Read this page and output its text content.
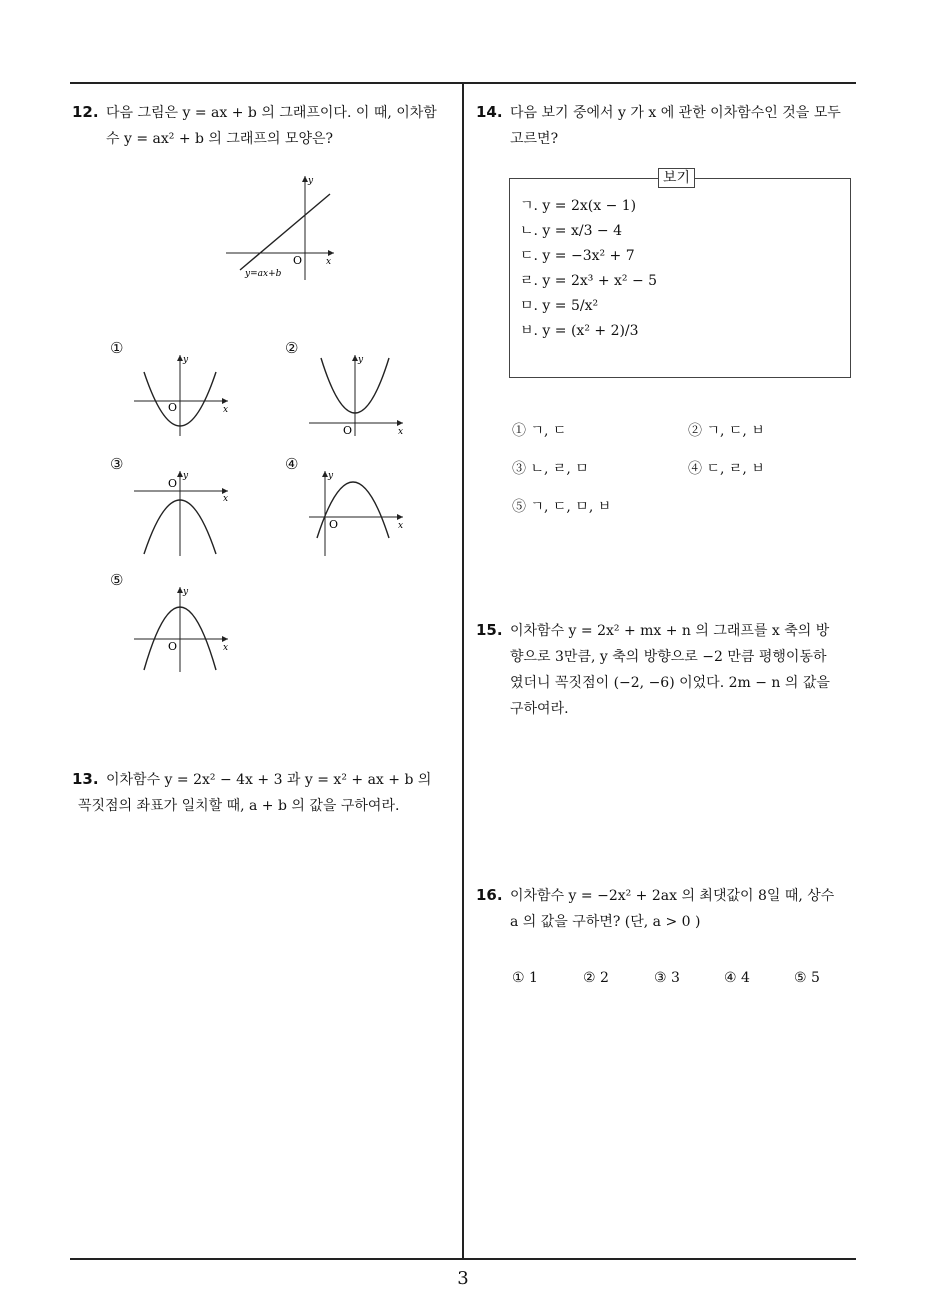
3
12. 다음 그림은 y = ax + b 의 그래프이다. 이 때, 이차함
수 y = ax² + b 의 그래프의 모양은?
y
x
O
y=ax+b
①	②
③	④
⑤
y
x
O
y
x
O
y
x
O
y
x
O
y
x
O
13. 이차함수 y = 2x² − 4x + 3 과 y = x² + ax + b 의
꼭짓점의 좌표가 일치할 때, a + b 의 값을 구하여라.
14. 다음 보기 중에서 y 가 x 에 관한 이차함수인 것을 모두
고르면?
보기
ㄱ. y = 2x(x − 1)
ㄴ. y = x/3 − 4
ㄷ. y = −3x² + 7
ㄹ. y = 2x³ + x² − 5
ㅁ. y = 5/x²
ㅂ. y = (x² + 2)/3
① ㄱ, ㄷ	② ㄱ, ㄷ, ㅂ
③ ㄴ, ㄹ, ㅁ	④ ㄷ, ㄹ, ㅂ
⑤ ㄱ, ㄷ, ㅁ, ㅂ
15. 이차함수 y = 2x² + mx + n 의 그래프를 x 축의 방
향으로 3만큼, y 축의 방향으로 −2 만큼 평행이동하
였더니 꼭짓점이 (−2, −6) 이었다. 2m − n 의 값을
구하여라.
16. 이차함수 y = −2x² + 2ax 의 최댓값이 8일 때, 상수
a 의 값을 구하면? (단, a > 0 )
① 1	② 2	③ 3	④ 4	⑤ 5
